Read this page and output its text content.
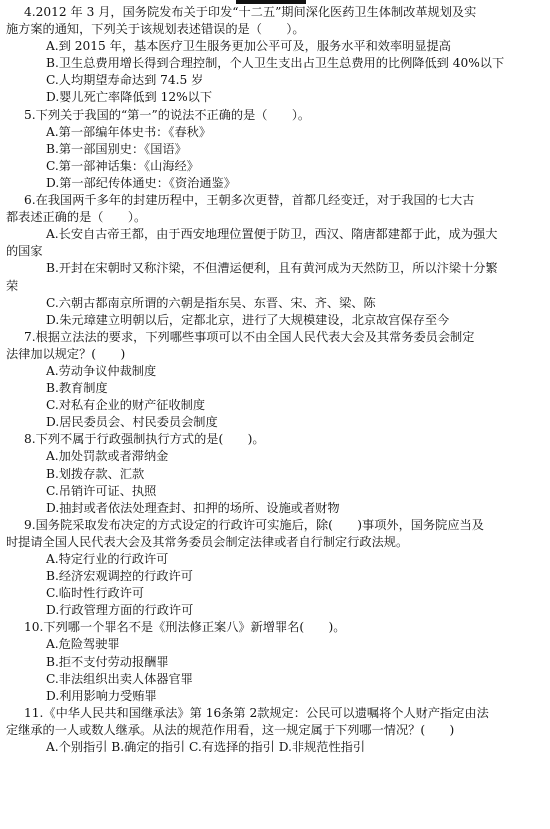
4.2012 年 3 月，国务院发布关于印发“十二五”期间深化医药卫生体制改革规划及实
施方案的通知，下列关于该规划表述错误的是（　　）。
A.到 2015 年，基本医疗卫生服务更加公平可及，服务水平和效率明显提高
B.卫生总费用增长得到合理控制，个人卫生支出占卫生总费用的比例降低到 40%以下
C.人均期望寿命达到 74.5 岁
D.婴儿死亡率降低到 12%以下
5.下列关于我国的“第一”的说法不正确的是（　　）。
A.第一部编年体史书：《春秋》
B.第一部国别史：《国语》
C.第一部神话集：《山海经》
D.第一部纪传体通史：《资治通鉴》
6.在我国两千多年的封建历程中，王朝多次更替，首都几经变迁，对于我国的七大古
都表述正确的是（　　）。
A.长安自古帝王都，由于西安地理位置便于防卫，西汉、隋唐都建都于此，成为强大
的国家
B.开封在宋朝时又称汴梁，不但漕运便利，且有黄河成为天然防卫，所以汴梁十分繁
荣
C.六朝古都南京所谓的六朝是指东吴、东晋、宋、齐、梁、陈
D.朱元璋建立明朝以后，定都北京，进行了大规模建设，北京故宫保存至今
7.根据立法法的要求，下列哪些事项可以不由全国人民代表大会及其常务委员会制定
法律加以规定？(　　)
A.劳动争议仲裁制度
B.教育制度
C.对私有企业的财产征收制度
D.居民委员会、村民委员会制度
8.下列不属于行政强制执行方式的是(　　)。
A.加处罚款或者滞纳金
B.划拨存款、汇款
C.吊销许可证、执照
D.抽封或者依法处理查封、扣押的场所、设施或者财物
9.国务院采取发布决定的方式设定的行政许可实施后，除(　　)事项外，国务院应当及
时提请全国人民代表大会及其常务委员会制定法律或者自行制定行政法规。
A.特定行业的行政许可
B.经济宏观调控的行政许可
C.临时性行政许可
D.行政管理方面的行政许可
10.下列哪一个罪名不是《刑法修正案八》新增罪名(　　)。
A.危险驾驶罪
B.拒不支付劳动报酬罪
C.非法组织出卖人体器官罪
D.利用影响力受贿罪
11.《中华人民共和国继承法》第 16条第 2款规定：公民可以遗嘱将个人财产指定由法
定继承的一人或数人继承。从法的规范作用看，这一规定属于下列哪一情况？(　　)
A.个别指引 B.确定的指引 C.有选择的指引 D.非规范性指引
